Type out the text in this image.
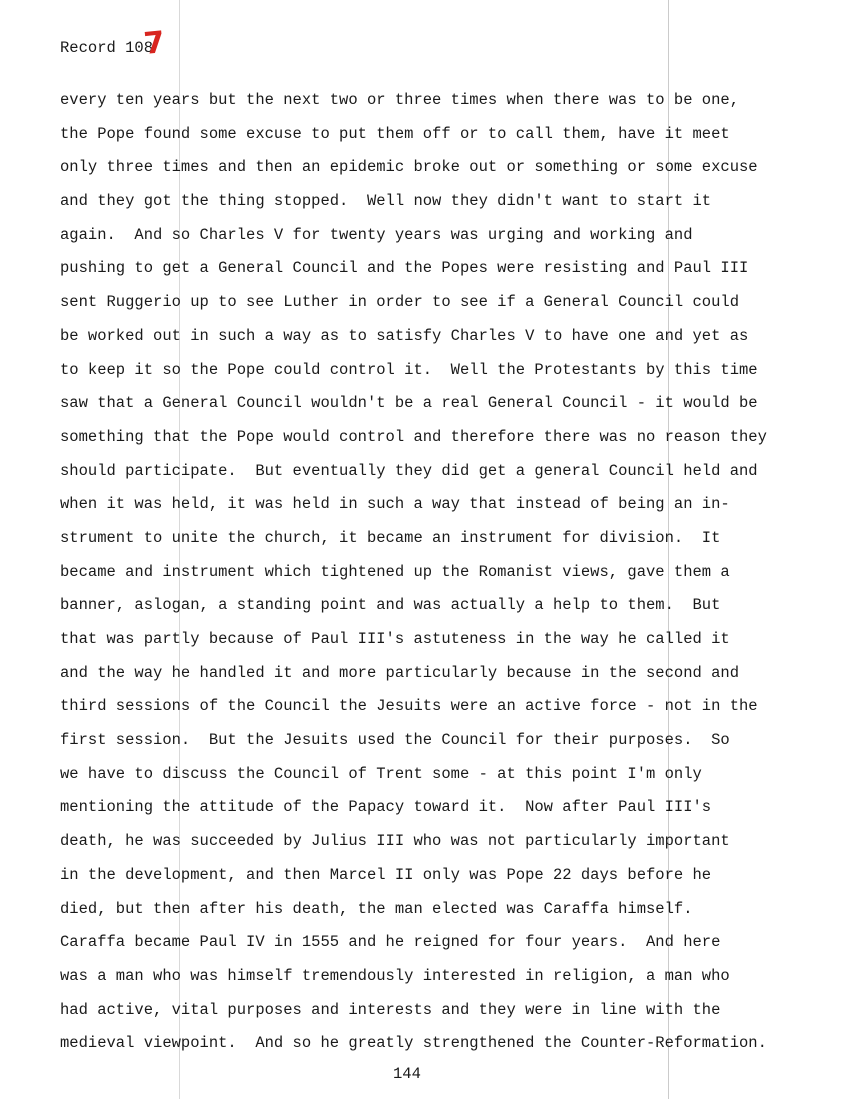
Record 108
7
every ten years but the next two or three times when there was to be one,
the Pope found some excuse to put them off or to call them, have it meet
only three times and then an epidemic broke out or something or some excuse
and they got the thing stopped.  Well now they didn't want to start it
again.  And so Charles V for twenty years was urging and working and
pushing to get a General Council and the Popes were resisting and Paul III
sent Ruggerio up to see Luther in order to see if a General Council could
be worked out in such a way as to satisfy Charles V to have one and yet as
to keep it so the Pope could control it.  Well the Protestants by this time
saw that a General Council wouldn't be a real General Council - it would be
something that the Pope would control and therefore there was no reason they
should participate.  But eventually they did get a general Council held and
when it was held, it was held in such a way that instead of being an in-
strument to unite the church, it became an instrument for division.  It
became and instrument which tightened up the Romanist views, gave them a
banner, aslogan, a standing point and was actually a help to them.  But
that was partly because of Paul III's astuteness in the way he called it
and the way he handled it and more particularly because in the second and
third sessions of the Council the Jesuits were an active force - not in the
first session.  But the Jesuits used the Council for their purposes.  So
we have to discuss the Council of Trent some - at this point I'm only
mentioning the attitude of the Papacy toward it.  Now after Paul III's
death, he was succeeded by Julius III who was not particularly important
in the development, and then Marcel II only was Pope 22 days before he
died, but then after his death, the man elected was Caraffa himself.
Caraffa became Paul IV in 1555 and he reigned for four years.  And here
was a man who was himself tremendously interested in religion, a man who
had active, vital purposes and interests and they were in line with the
medieval viewpoint.  And so he greatly strengthened the Counter-Reformation.
144
